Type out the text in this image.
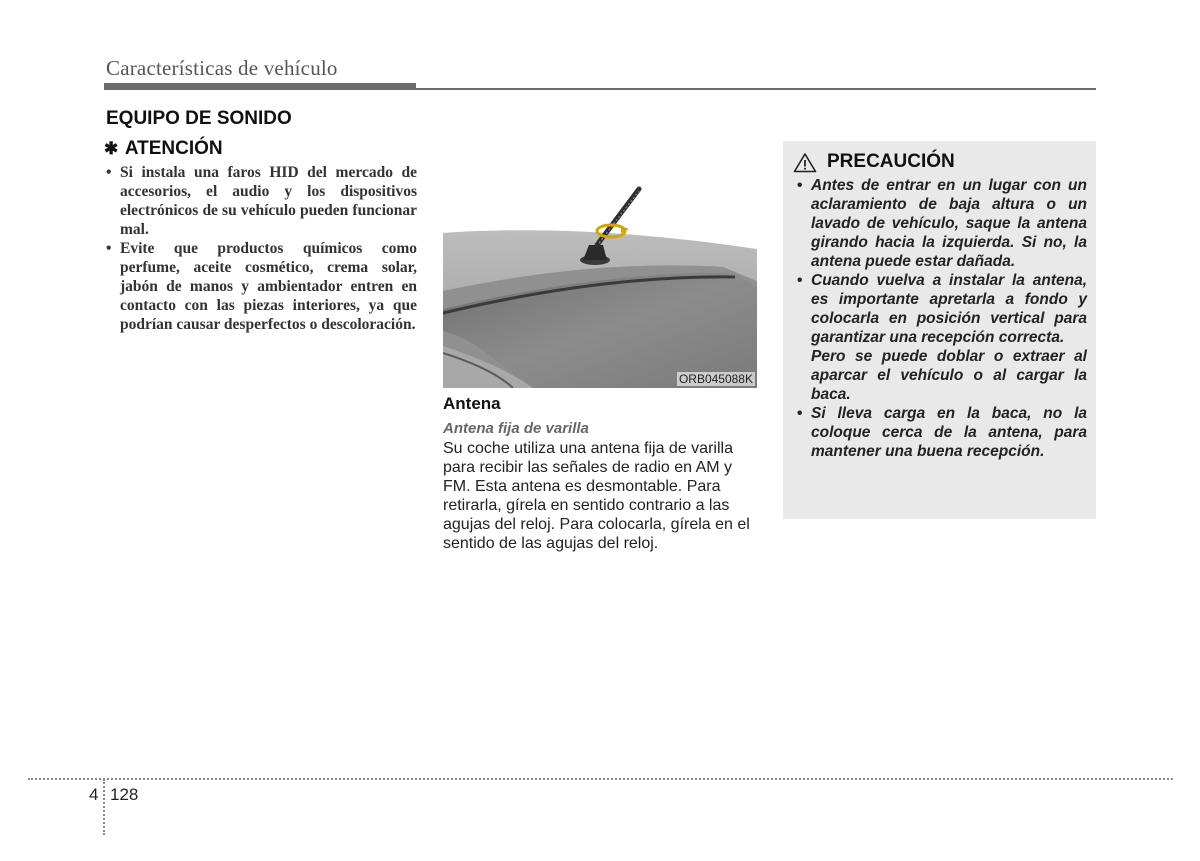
Características de vehículo
EQUIPO DE SONIDO
✱ ATENCIÓN
• Si instala una faros HID del mercado de accesorios, el audio y los dispositivos electrónicos de su vehículo pueden funcionar mal.
• Evite que productos químicos como perfume, aceite cosmético, crema solar, jabón de manos y ambientador entren en contacto con las piezas interiores, ya que podrían causar desperfectos o descoloración.
ORB045088K
Antena
Antena fija de varilla

Su coche utiliza una antena fija de varilla para recibir las señales de radio en AM y FM. Esta antena es desmontable. Para retirarla, gírela en sentido contrario a las agujas del reloj. Para colocarla, gírela en el sentido de las agujas del reloj.

PRECAUCIÓN
• Antes de entrar en un lugar con un aclaramiento de baja altura o un lavado de vehículo, saque la antena girando hacia la izquierda. Si no, la antena puede estar dañada.
• Cuando vuelva a instalar la antena, es importante apretarla a fondo y colocarla en posición vertical para garantizar una recepción correcta.
Pero se puede doblar o extraer al aparcar el vehículo o al cargar la baca.
• Si lleva carga en la baca, no la coloque cerca de la antena, para mantener una buena recepción.
4 128
